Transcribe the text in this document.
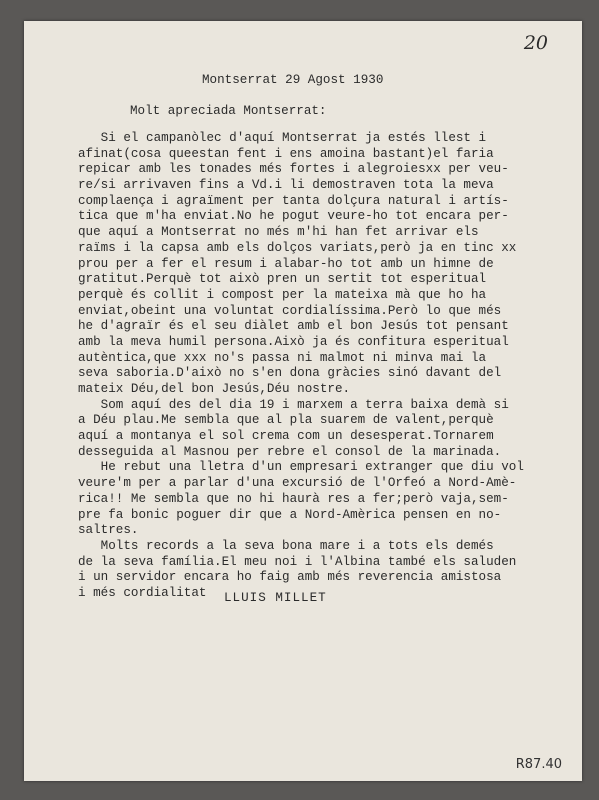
20
Montserrat 29 Agost 1930
Molt apreciada Montserrat:
Si el campanòlec d'aquí Montserrat ja estés llest i
afinat(cosa queestan fent i ens amoina bastant)el faria
repicar amb les tonades més fortes i alegroiesxx per veu-
re/si arrivaven fins a Vd.i li demostraven tota la meva
complaença i agraïment per tanta dolçura natural i artís-
tica que m'ha enviat.No he pogut veure-ho tot encara per-
que aquí a Montserrat no més m'hi han fet arrivar els
raïms i la capsa amb els dolços variats,però ja en tinc xx
prou per a fer el resum i alabar-ho tot amb un himne de
gratitut.Perquè tot això pren un sertit tot esperitual
perquè és collit i compost per la mateixa mà que ho ha
enviat,obeint una voluntat cordialíssima.Però lo que més
he d'agraïr és el seu diàlet amb el bon Jesús tot pensant
amb la meva humil persona.Això ja és confitura esperitual
autèntica,que xxx no's passa ni malmot ni minva mai la
seva saboria.D'això no s'en dona gràcies sinó davant del
mateix Déu,del bon Jesús,Déu nostre.
Som aquí des del dia 19 i marxem a terra baixa demà si
a Déu plau.Me sembla que al pla suarem de valent,perquè
aquí a montanya el sol crema com un desesperat.Tornarem
desseguida al Masnou per rebre el consol de la marinada.
He rebut una lletra d'un empresari extranger que diu vol
veure'm per a parlar d'una excursió de l'Orfeó a Nord-Amè-
rica!! Me sembla que no hi haurà res a fer;però vaja,sem-
pre fa bonic poguer dir que a Nord-Amèrica pensen en no-
saltres.
Molts records a la seva bona mare i a tots els demés
de la seva família.El meu noi i l'Albina també els saluden
i un servidor encara ho faig amb més reverencia amistosa
i més cordialitat	LLUIS MILLET
R87.40
